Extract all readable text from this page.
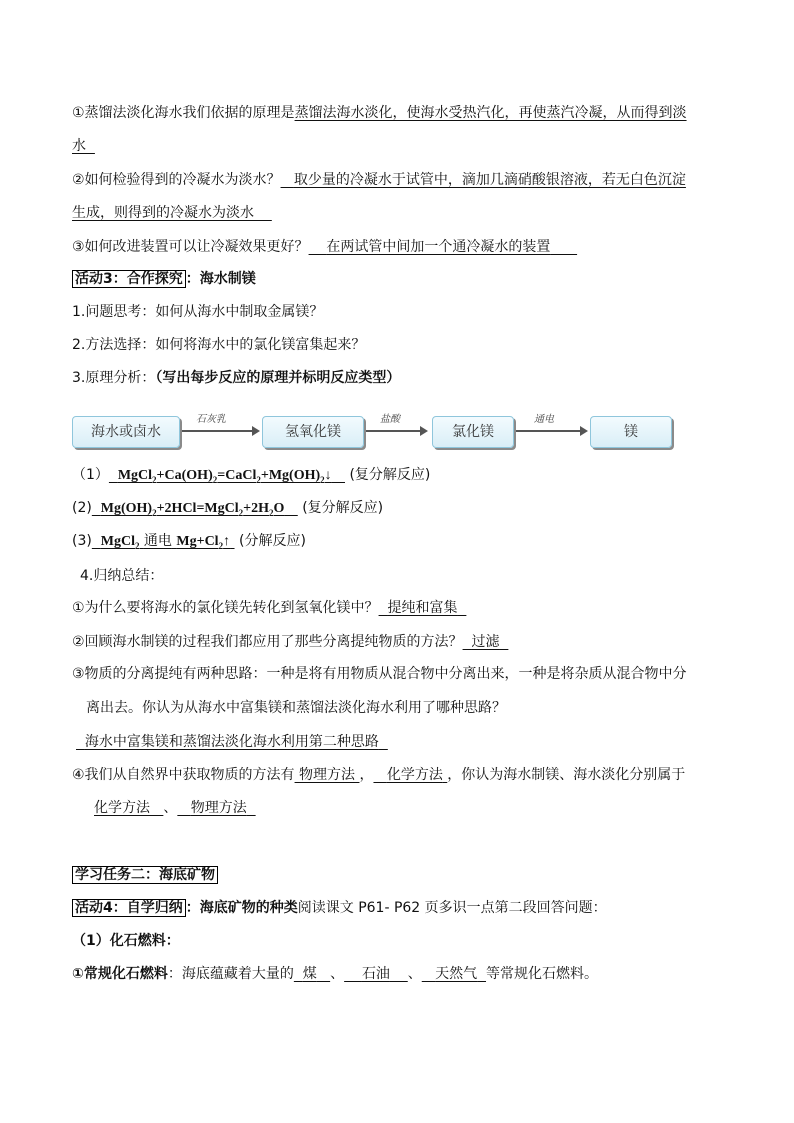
①蒸馏法淡化海水我们依据的原理是蒸馏法海水淡化，使海水受热汽化，再使蒸汽冷凝，从而得到淡
水
②如何检验得到的冷凝水为淡水？ 取少量的冷凝水于试管中，滴加几滴硝酸银溶液，若无白色沉淀
生成，则得到的冷凝水为淡水
③如何改进装置可以让冷凝效果更好？ 在两试管中间加一个通冷凝水的装置
活动3：合作探究 ：海水制镁
1.问题思考：如何从海水中制取金属镁？
2.方法选择：如何将海水中的氯化镁富集起来？
3.原理分析：（写出每步反应的原理并标明反应类型）
海水或卤水
石灰乳
氢氧化镁
盐酸
氯化镁
通电
镁
（1） $MgCl_2+Ca(OH)_2=CaCl_2+Mg(OH)_2↓$ (复分解反应)
(2) $Mg(OH)_2+2HCl=MgCl_2+2H_2O$ (复分解反应)
(3) MgCl$_2$ 通电 $Mg+Cl_2↑$ (分解反应)
4.归纳总结：
①为什么要将海水的氯化镁先转化到氢氧化镁中？ 提纯和富集
②回顾海水制镁的过程我们都应用了那些分离提纯物质的方法？ 过滤
③物质的分离提纯有两种思路：一种是将有用物质从混合物中分离出来，一种是将杂质从混合物中分
离出去。你认为从海水中富集镁和蒸馏法淡化海水利用了哪种思路？
海水中富集镁和蒸馏法淡化海水利用第二种思路
④我们从自然界中获取物质的方法有 物理方法 ， 化学方法 ，你认为海水制镁、海水淡化分别属于
化学方法 、 物理方法
学习任务二：海底矿物
活动4：自学归纳 ：海底矿物的种类阅读课文 P61- P62 页多识一点第二段回答问题：
（1）化石燃料：
①常规化石燃料：海底蕴藏着大量的 煤 、 石油 、 天然气 等常规化石燃料。
